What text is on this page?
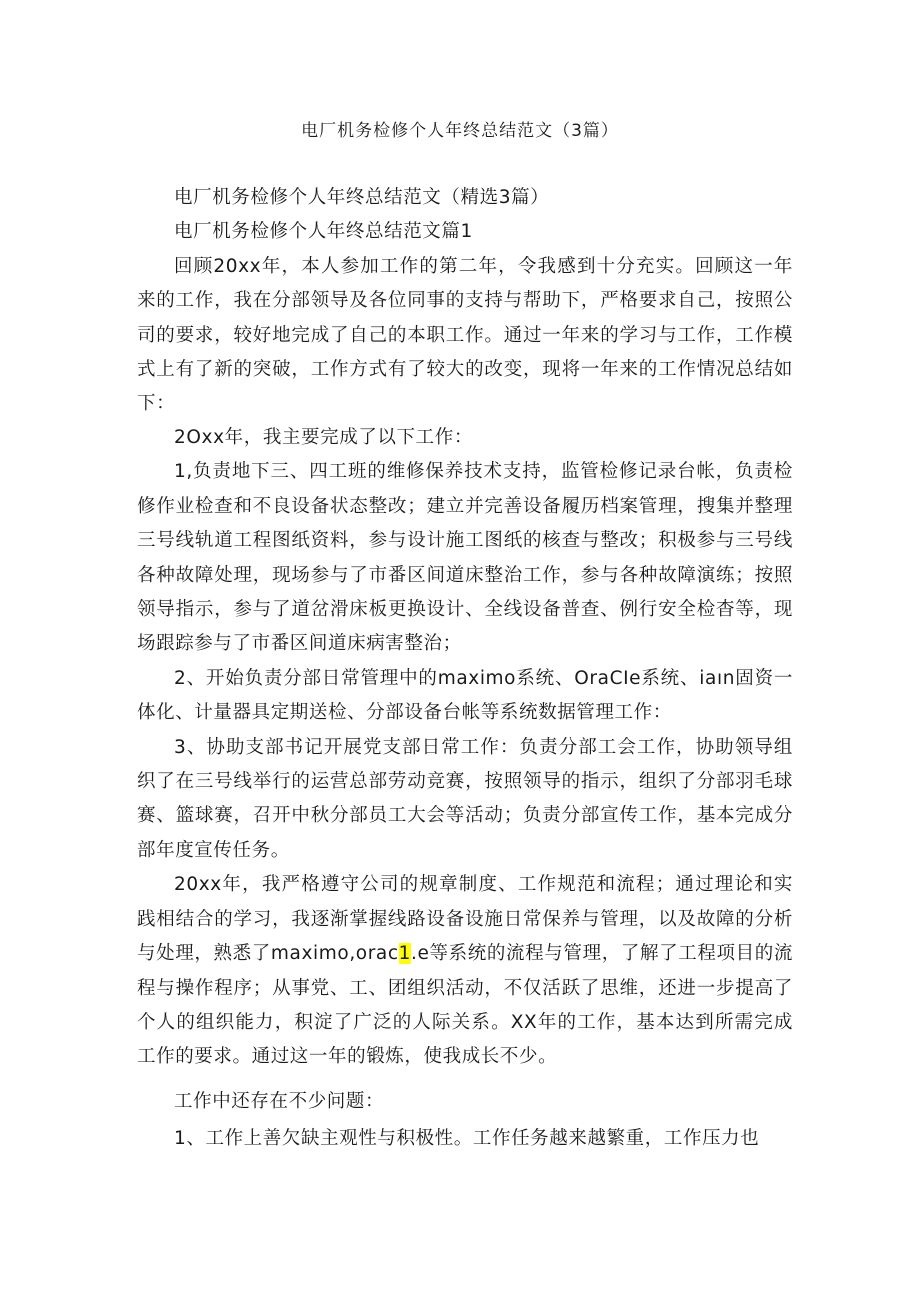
电厂机务检修个人年终总结范文（3篇）

电厂机务检修个人年终总结范文（精选3篇）

电厂机务检修个人年终总结范文篇1

回顾20xx年，本人参加工作的第二年，令我感到十分充实。回顾这一年来的工作，我在分部领导及各位同事的支持与帮助下，严格要求自己，按照公司的要求，较好地完成了自己的本职工作。通过一年来的学习与工作，工作模式上有了新的突破，工作方式有了较大的改变，现将一年来的工作情况总结如下：

2Oxx年，我主要完成了以下工作：

1,负责地下三、四工班的维修保养技术支持，监管检修记录台帐，负责检修作业检查和不良设备状态整改；建立并完善设备履历档案管理，搜集并整理三号线轨道工程图纸资料，参与设计施工图纸的核查与整改；积极参与三号线各种故障处理，现场参与了市番区间道床整治工作，参与各种故障演练；按照领导指示，参与了道岔滑床板更换设计、全线设备普查、例行安全检杳等，现场跟踪参与了市番区间道床病害整治；

2、开始负责分部日常管理中的maximo系统、OraCIe系统、iaın固资一体化、计量器具定期送检、分部设备台帐等系统数据管理工作：

3、协助支部书记开展党支部日常工作：负责分部工会工作，协助领导组织了在三号线举行的运营总部劳动竞赛，按照领导的指示，组织了分部羽毛球赛、篮球赛，召开中秋分部员工大会等活动；负责分部宣传工作，基本完成分部年度宣传任务。

20xx年，我严格遵守公司的规章制度、工作规范和流程；通过理论和实践相结合的学习，我逐渐掌握线路设备设施日常保养与管理，以及故障的分析与处理，熟悉了maximo,orac1.e等系统的流程与管理，了解了工程项目的流程与操作程序；从事党、工、团组织活动，不仅活跃了思维，还进一步提高了个人的组织能力，积淀了广泛的人际关系。XX年的工作，基本达到所需完成工作的要求。通过这一年的锻炼，使我成长不少。

工作中还存在不少问题：

1、工作上善欠缺主观性与积极性。工作任务越来越繁重，工作压力也
